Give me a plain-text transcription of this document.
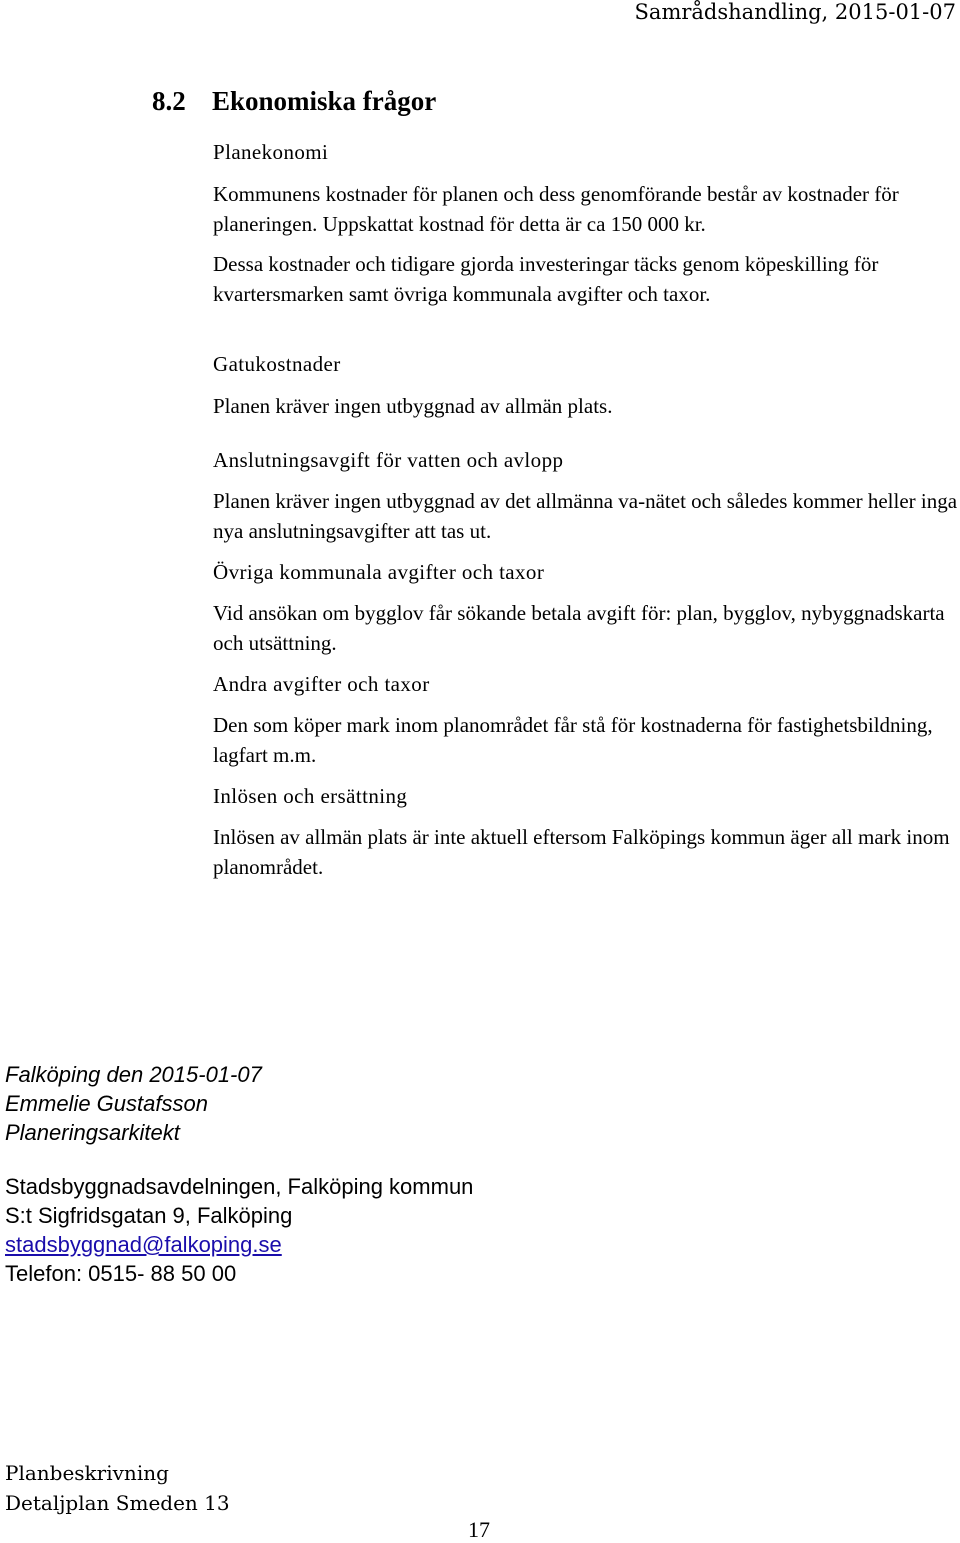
Samrådshandling, 2015-01-07
8.2 Ekonomiska frågor
Planekonomi
Kommunens kostnader för planen och dess genomförande består av kostnader för planeringen. Uppskattat kostnad för detta är ca 150 000 kr.
Dessa kostnader och tidigare gjorda investeringar täcks genom köpeskilling för kvartersmarken samt övriga kommunala avgifter och taxor.
Gatukostnader
Planen kräver ingen utbyggnad av allmän plats.
Anslutningsavgift för vatten och avlopp
Planen kräver ingen utbyggnad av det allmänna va-nätet och således kommer heller inga nya anslutningsavgifter att tas ut.
Övriga kommunala avgifter och taxor
Vid ansökan om bygglov får sökande betala avgift för: plan, bygglov, nybyggnadskarta och utsättning.
Andra avgifter och taxor
Den som köper mark inom planområdet får stå för kostnaderna för fastighetsbildning, lagfart m.m.
Inlösen och ersättning
Inlösen av allmän plats är inte aktuell eftersom Falköpings kommun äger all mark inom planområdet.
Falköping den 2015-01-07
Emmelie Gustafsson
Planeringsarkitekt
Stadsbyggnadsavdelningen, Falköping kommun
S:t Sigfridsgatan 9, Falköping
stadsbyggnad@falkoping.se
Telefon: 0515- 88 50 00
Planbeskrivning
Detaljplan Smeden 13
17
